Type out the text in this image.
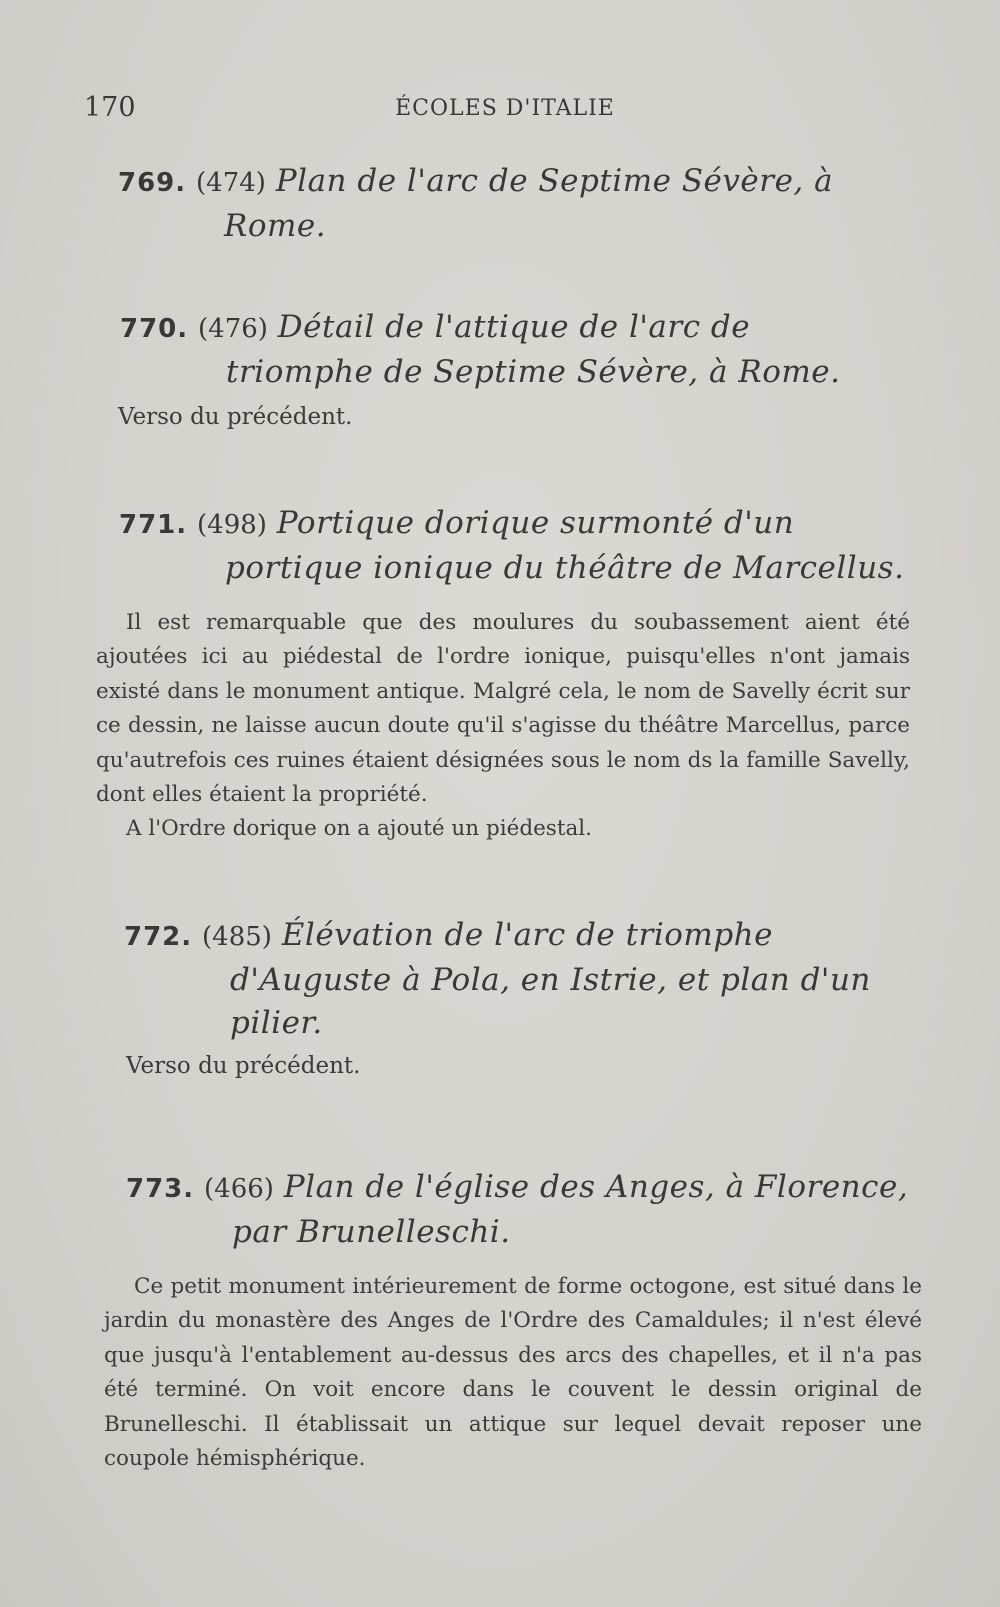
170	ÉCOLES D'ITALIE
769. (474) Plan de l'arc de Septime Sévère, à Rome.
770. (476) Détail de l'attique de l'arc de triomphe de Septime Sévère, à Rome.
Verso du précédent.
771. (498) Portique dorique surmonté d'un portique ionique du théâtre de Marcellus.
Il est remarquable que des moulures du soubassement aient été ajoutées ici au piédestal de l'ordre ionique, puisqu'elles n'ont jamais existé dans le monument antique. Malgré cela, le nom de Savelly écrit sur ce dessin, ne laisse aucun doute qu'il s'agisse du théâtre Marcellus, parce qu'autrefois ces ruines étaient désignées sous le nom ds la famille Savelly, dont elles étaient la propriété.
A l'Ordre dorique on a ajouté un piédestal.
772. (485) Élévation de l'arc de triomphe d'Auguste à Pola, en Istrie, et plan d'un pilier.
Verso du précédent.
773. (466) Plan de l'église des Anges, à Florence, par Brunelleschi.
Ce petit monument intérieurement de forme octogone, est situé dans le jardin du monastère des Anges de l'Ordre des Camaldules; il n'est élevé que jusqu'à l'entablement au-dessus des arcs des chapelles, et il n'a pas été terminé. On voit encore dans le couvent le dessin original de Brunelleschi. Il établissait un attique sur lequel devait reposer une coupole hémisphérique.
